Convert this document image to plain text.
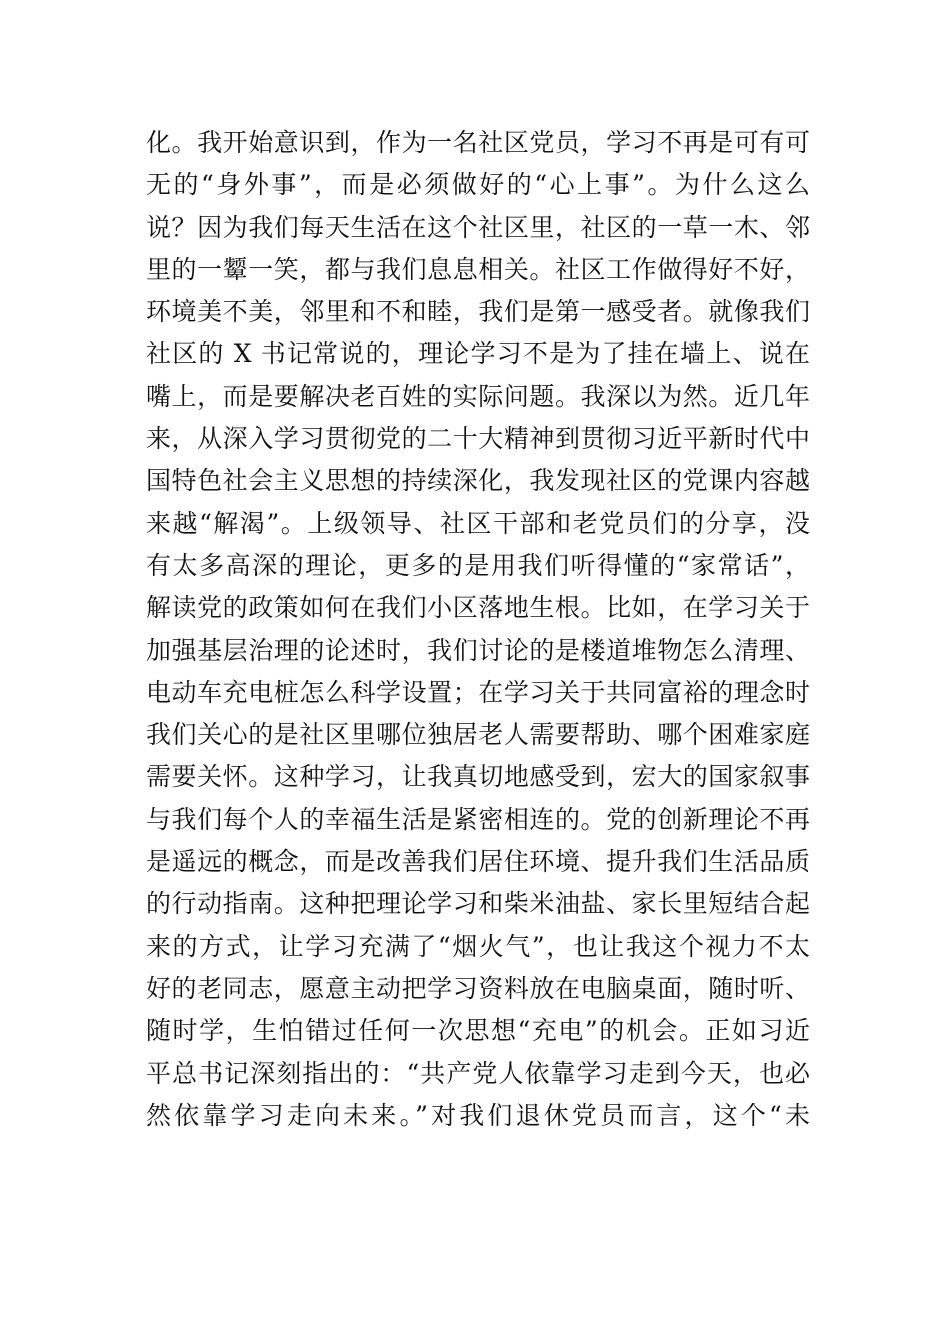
化。我开始意识到，作为一名社区党员，学习不再是可有可
无的“身外事”，而是必须做好的“心上事”。为什么这么
说？因为我们每天生活在这个社区里，社区的一草一木、邻
里的一颦一笑，都与我们息息相关。社区工作做得好不好，
环境美不美，邻里和不和睦，我们是第一感受者。就像我们
社区的 X 书记常说的，理论学习不是为了挂在墙上、说在
嘴上，而是要解决老百姓的实际问题。我深以为然。近几年
来，从深入学习贯彻党的二十大精神到贯彻习近平新时代中
国特色社会主义思想的持续深化，我发现社区的党课内容越
来越“解渴”。上级领导、社区干部和老党员们的分享，没
有太多高深的理论，更多的是用我们听得懂的“家常话”，
解读党的政策如何在我们小区落地生根。比如，在学习关于
加强基层治理的论述时，我们讨论的是楼道堆物怎么清理、
电动车充电桩怎么科学设置；在学习关于共同富裕的理念时
我们关心的是社区里哪位独居老人需要帮助、哪个困难家庭
需要关怀。这种学习，让我真切地感受到，宏大的国家叙事
与我们每个人的幸福生活是紧密相连的。党的创新理论不再
是遥远的概念，而是改善我们居住环境、提升我们生活品质
的行动指南。这种把理论学习和柴米油盐、家长里短结合起
来的方式，让学习充满了“烟火气”，也让我这个视力不太
好的老同志，愿意主动把学习资料放在电脑桌面，随时听、
随时学，生怕错过任何一次思想“充电”的机会。正如习近
平总书记深刻指出的：“共产党人依靠学习走到今天，也必
然依靠学习走向未来。”对我们退休党员而言，这个“未
